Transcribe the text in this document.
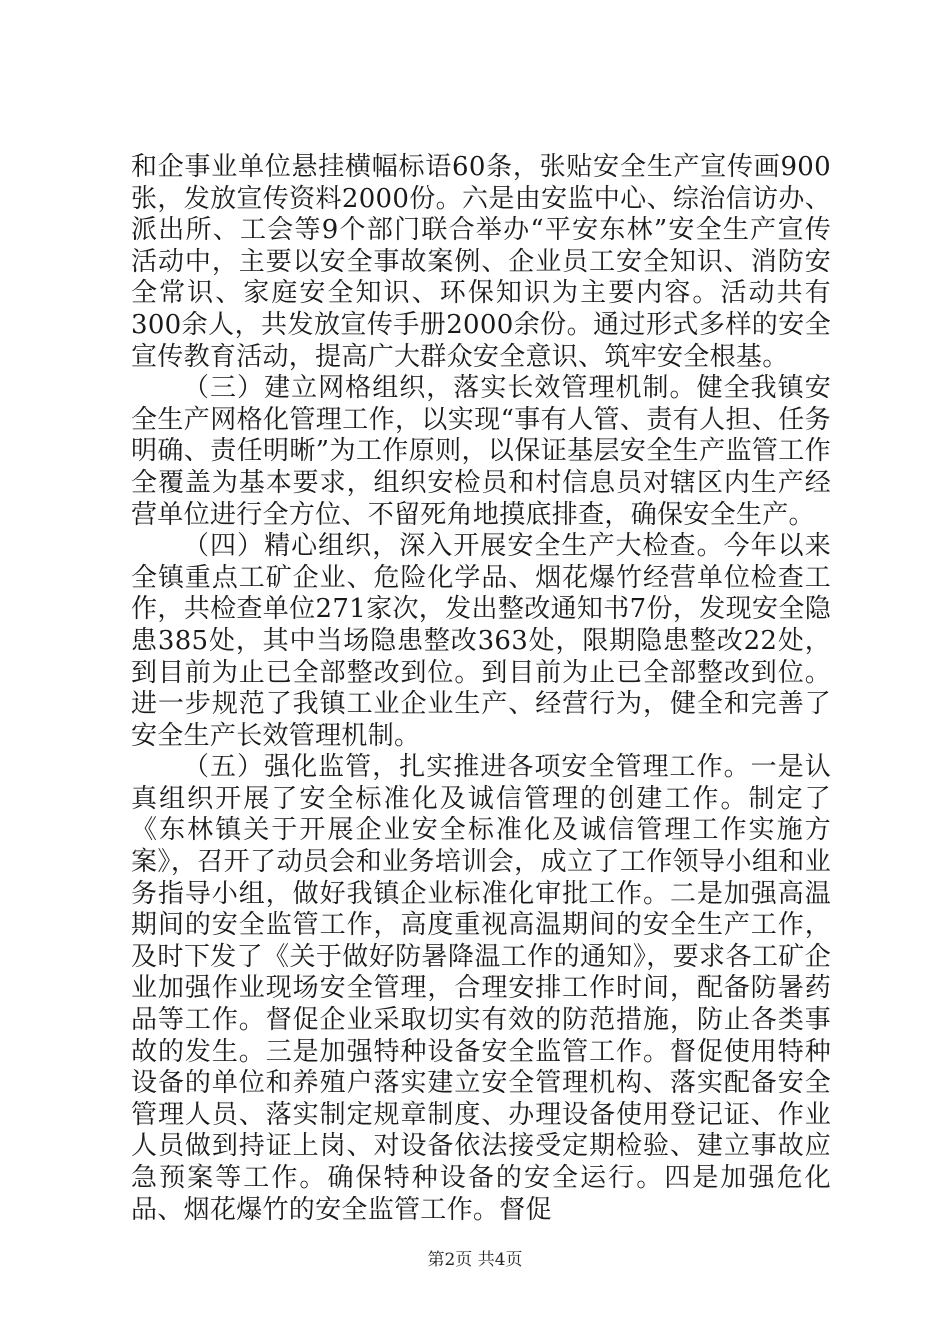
和企事业单位悬挂横幅标语60条，张贴安全生产宣传画900张，发放宣传资料2000份。六是由安监中心、综治信访办、派出所、工会等9个部门联合举办“平安东林”安全生产宣传活动中，主要以安全事故案例、企业员工安全知识、消防安全常识、家庭安全知识、环保知识为主要内容。活动共有300余人，共发放宣传手册2000余份。通过形式多样的安全宣传教育活动，提高广大群众安全意识、筑牢安全根基。

（三）建立网格组织，落实长效管理机制。健全我镇安全生产网格化管理工作，以实现“事有人管、责有人担、任务明确、责任明晰”为工作原则，以保证基层安全生产监管工作全覆盖为基本要求，组织安检员和村信息员对辖区内生产经营单位进行全方位、不留死角地摸底排查，确保安全生产。

（四）精心组织，深入开展安全生产大检查。今年以来全镇重点工矿企业、危险化学品、烟花爆竹经营单位检查工作，共检查单位271家次，发出整改通知书7份，发现安全隐患385处，其中当场隐患整改363处，限期隐患整改22处，到目前为止已全部整改到位。到目前为止已全部整改到位。进一步规范了我镇工业企业生产、经营行为，健全和完善了安全生产长效管理机制。

（五）强化监管，扎实推进各项安全管理工作。一是认真组织开展了安全标准化及诚信管理的创建工作。制定了《东林镇关于开展企业安全标准化及诚信管理工作实施方案》，召开了动员会和业务培训会，成立了工作领导小组和业务指导小组，做好我镇企业标准化审批工作。二是加强高温期间的安全监管工作，高度重视高温期间的安全生产工作，及时下发了《关于做好防暑降温工作的通知》，要求各工矿企业加强作业现场安全管理，合理安排工作时间，配备防暑药品等工作。督促企业采取切实有效的防范措施，防止各类事故的发生。三是加强特种设备安全监管工作。督促使用特种设备的单位和养殖户落实建立安全管理机构、落实配备安全管理人员、落实制定规章制度、办理设备使用登记证、作业人员做到持证上岗、对设备依法接受定期检验、建立事故应急预案等工作。确保特种设备的安全运行。四是加强危化品、烟花爆竹的安全监管工作。督促

第2页 共4页
